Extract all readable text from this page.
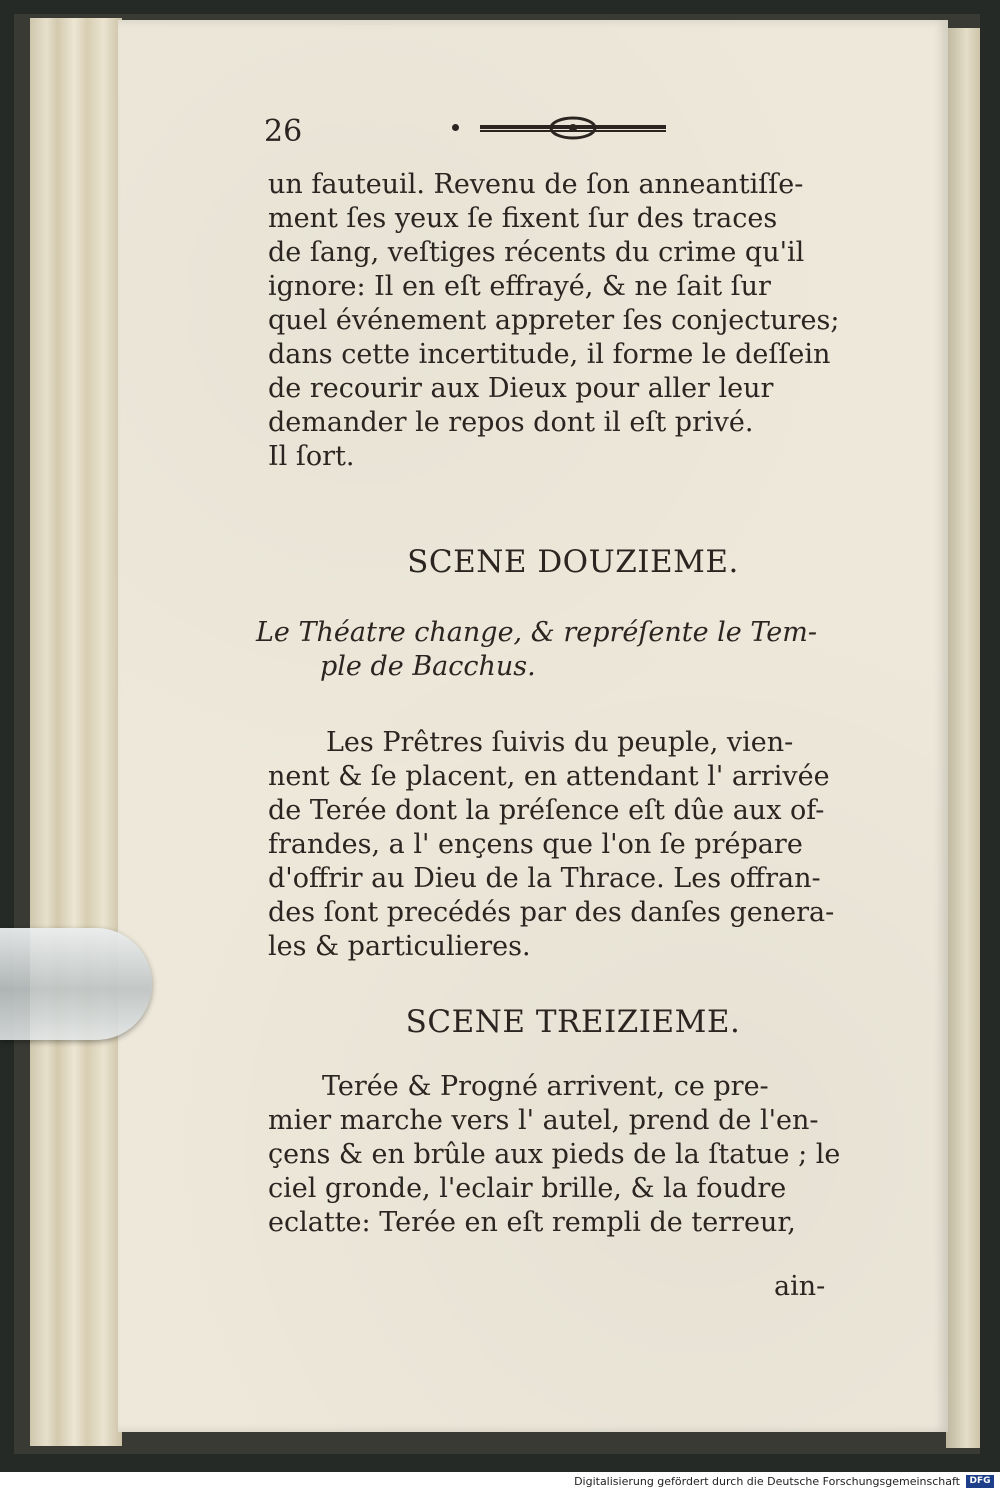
26
un fauteuil. Revenu de ſon anneantiſſe-
ment ſes yeux ſe fixent ſur des traces
de ſang, veſtiges récents du crime qu'il
ignore: Il en eſt effrayé, & ne ſait ſur
quel événement appreter ſes conjectures;
dans cette incertitude, il forme le deſſein
de recourir aux Dieux pour aller leur
demander le repos dont il eſt privé.
Il ſort.
SCENE DOUZIEME.
Le Théatre change, & repréſente le Tem-
ple de Bacchus.
Les Prêtres ſuivis du peuple, vien-
nent & ſe placent, en attendant l' arrivée
de Terée dont la préſence eſt dûe aux of-
frandes, a l' ençens que l'on ſe prépare
d'offrir au Dieu de la Thrace. Les offran-
des ſont precédés par des danſes genera-
les & particulieres.
SCENE TREIZIEME.
Terée & Progné arrivent, ce pre-
mier marche vers l' autel, prend de l'en-
çens & en brûle aux pieds de la ſtatue ; le
ciel gronde, l'eclair brille, & la foudre
eclatte: Terée en eſt rempli de terreur,
ain-
Digitalisierung gefördert durch die Deutsche Forschungsgemeinschaft	DFG
